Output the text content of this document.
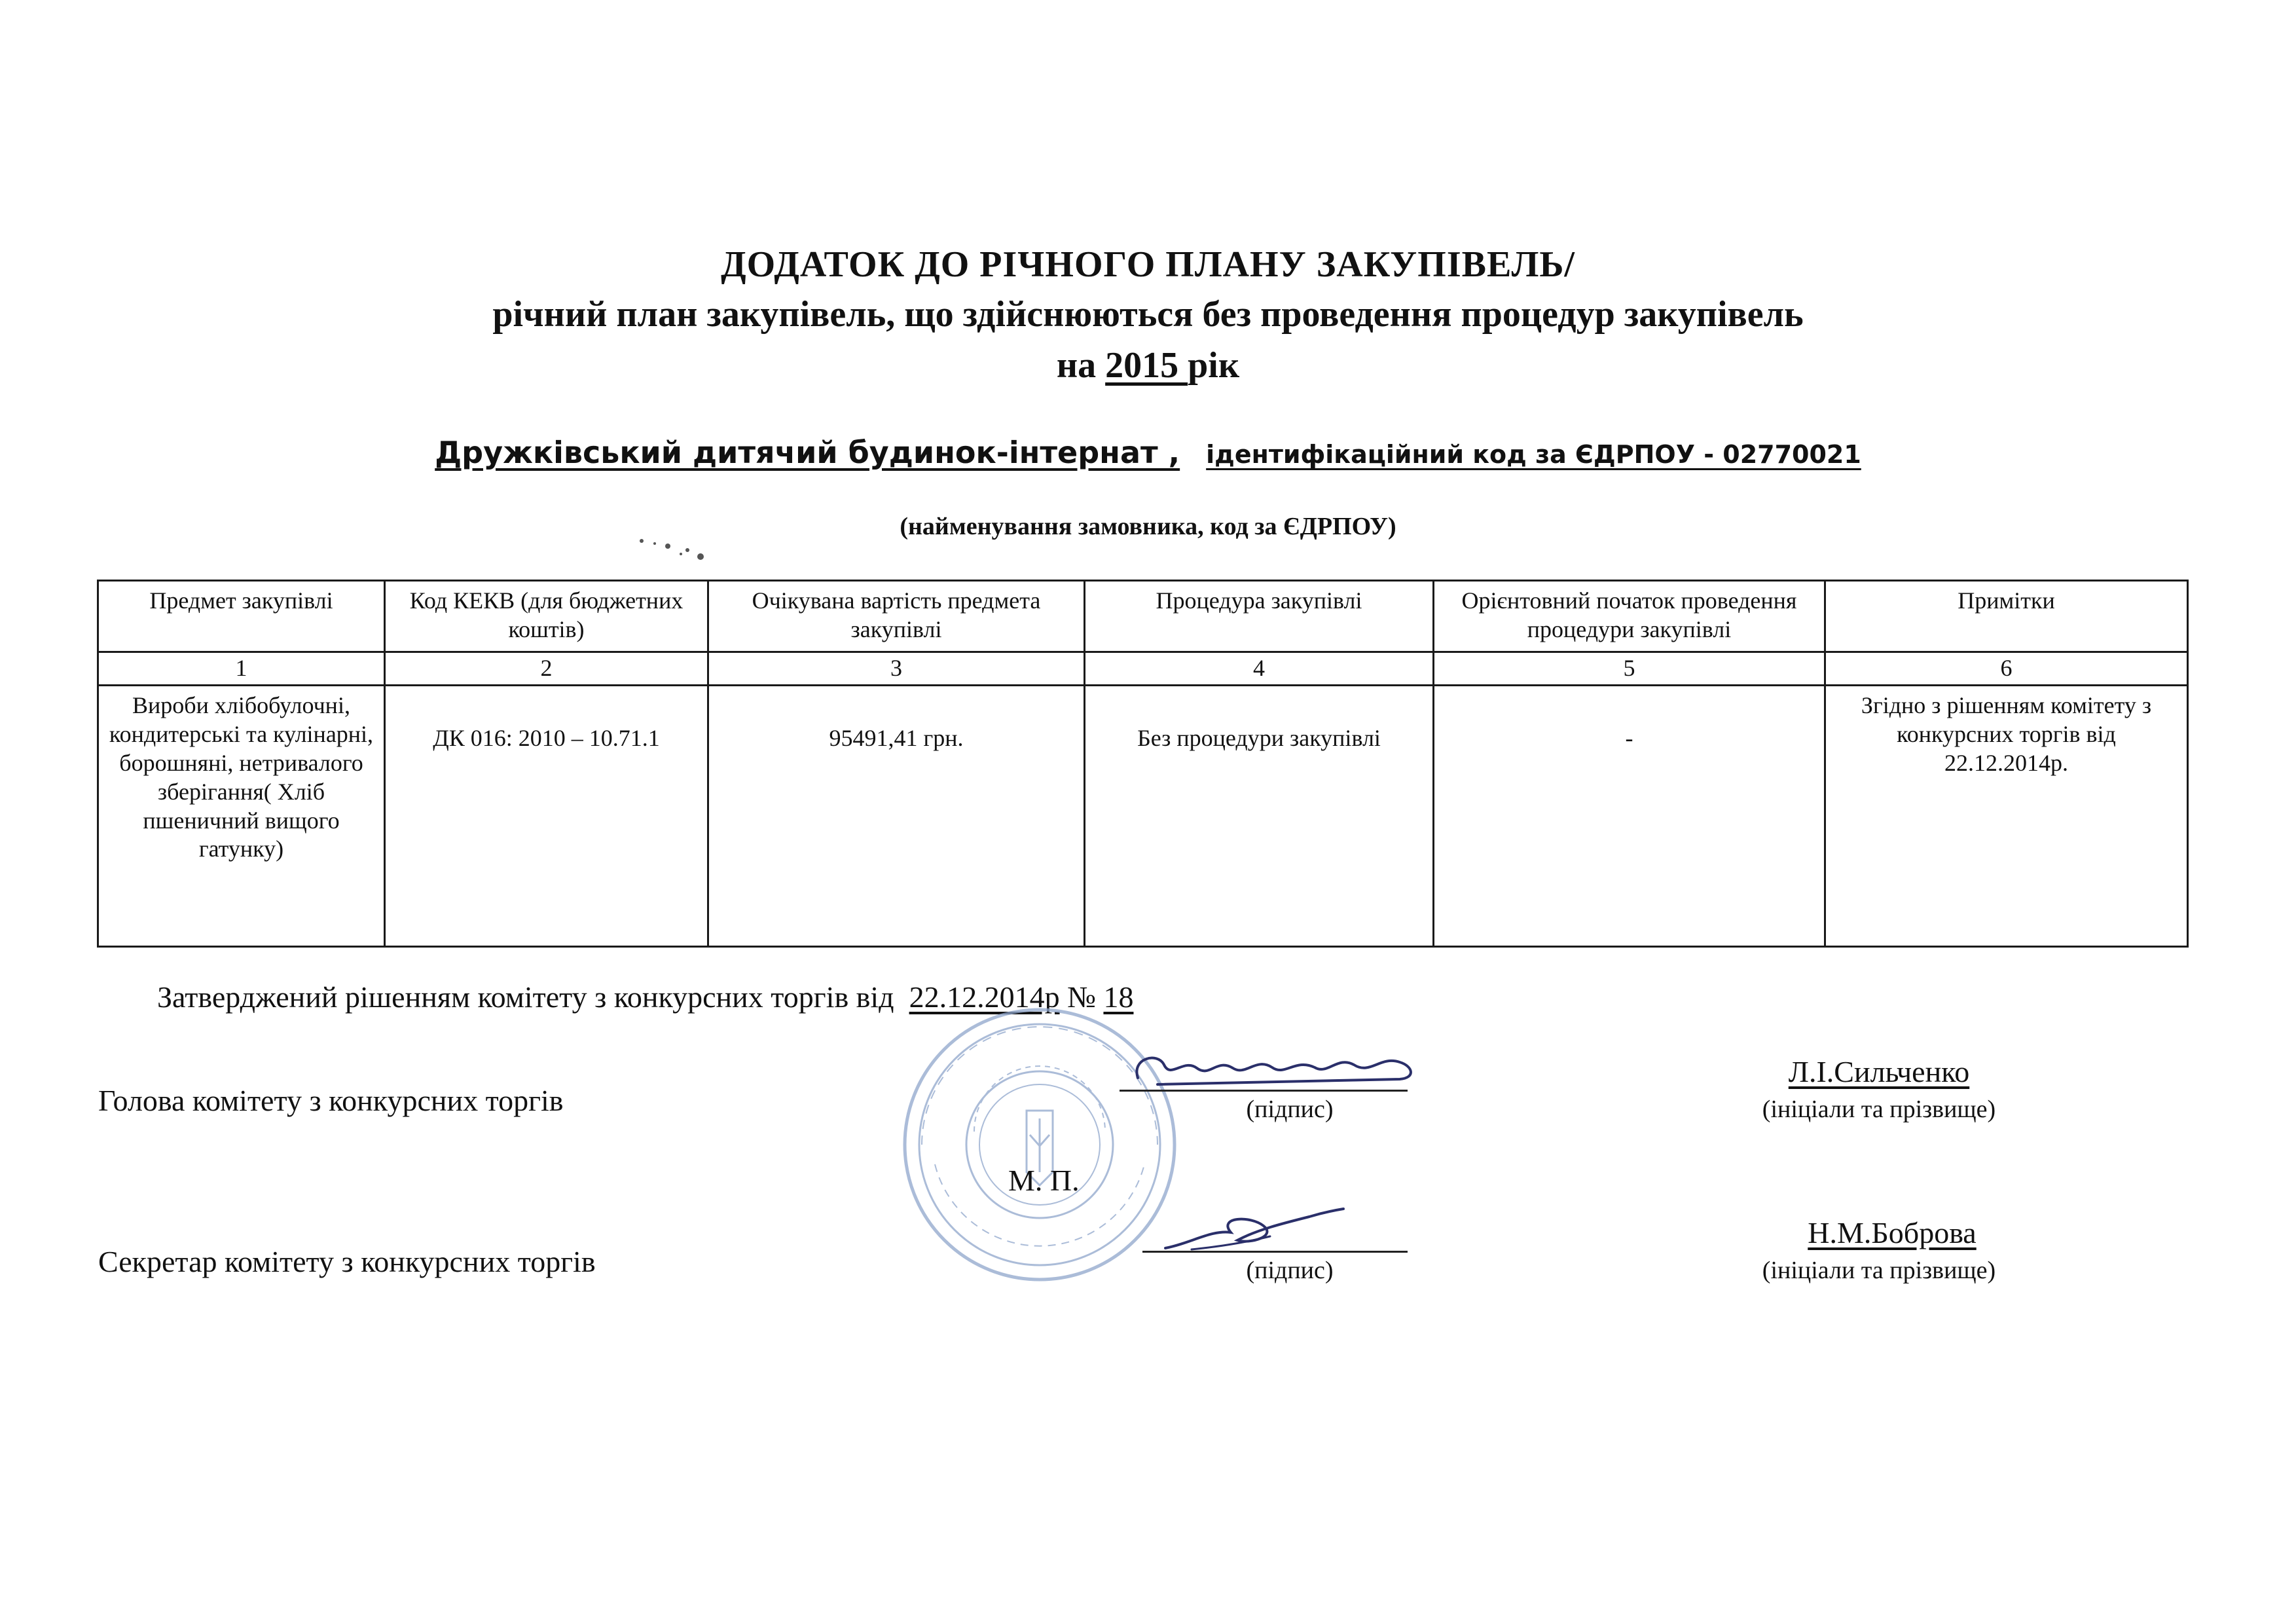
ДОДАТОК ДО РІЧНОГО ПЛАНУ ЗАКУПІВЕЛЬ/
річний план закупівель, що здійснюються без проведення процедур закупівель
на 2015 рік
Дружківський дитячий будинок-інтернат , ідентифікаційний код за ЄДРПОУ - 02770021
(найменування замовника, код за ЄДРПОУ)
Предмет закупівлі	Код КЕКВ (для бюджетних коштів)	Очікувана вартість предмета закупівлі	Процедура закупівлі	Орієнтовний початок проведення процедури закупівлі	Примітки
1	2	3	4	5	6
Вироби хлібобулочні, кондитерські та кулінарні, борошняні, нетривалого зберігання( Хліб пшеничний вищого гатунку)	ДК 016: 2010 – 10.71.1	95491,41 грн.	Без процедури закупівлі	-	Згідно з рішенням комітету з конкурсних торгів від 22.12.2014р.
Затверджений рішенням комітету з конкурсних торгів від 22.12.2014р № 18
Голова комітету з конкурсних торгів	(підпис)
Л.І.Сильченко
(ініціали та прізвище)
М. П.
Секретар комітету з конкурсних торгів	(підпис)
Н.М.Боброва
(ініціали та прізвище)
